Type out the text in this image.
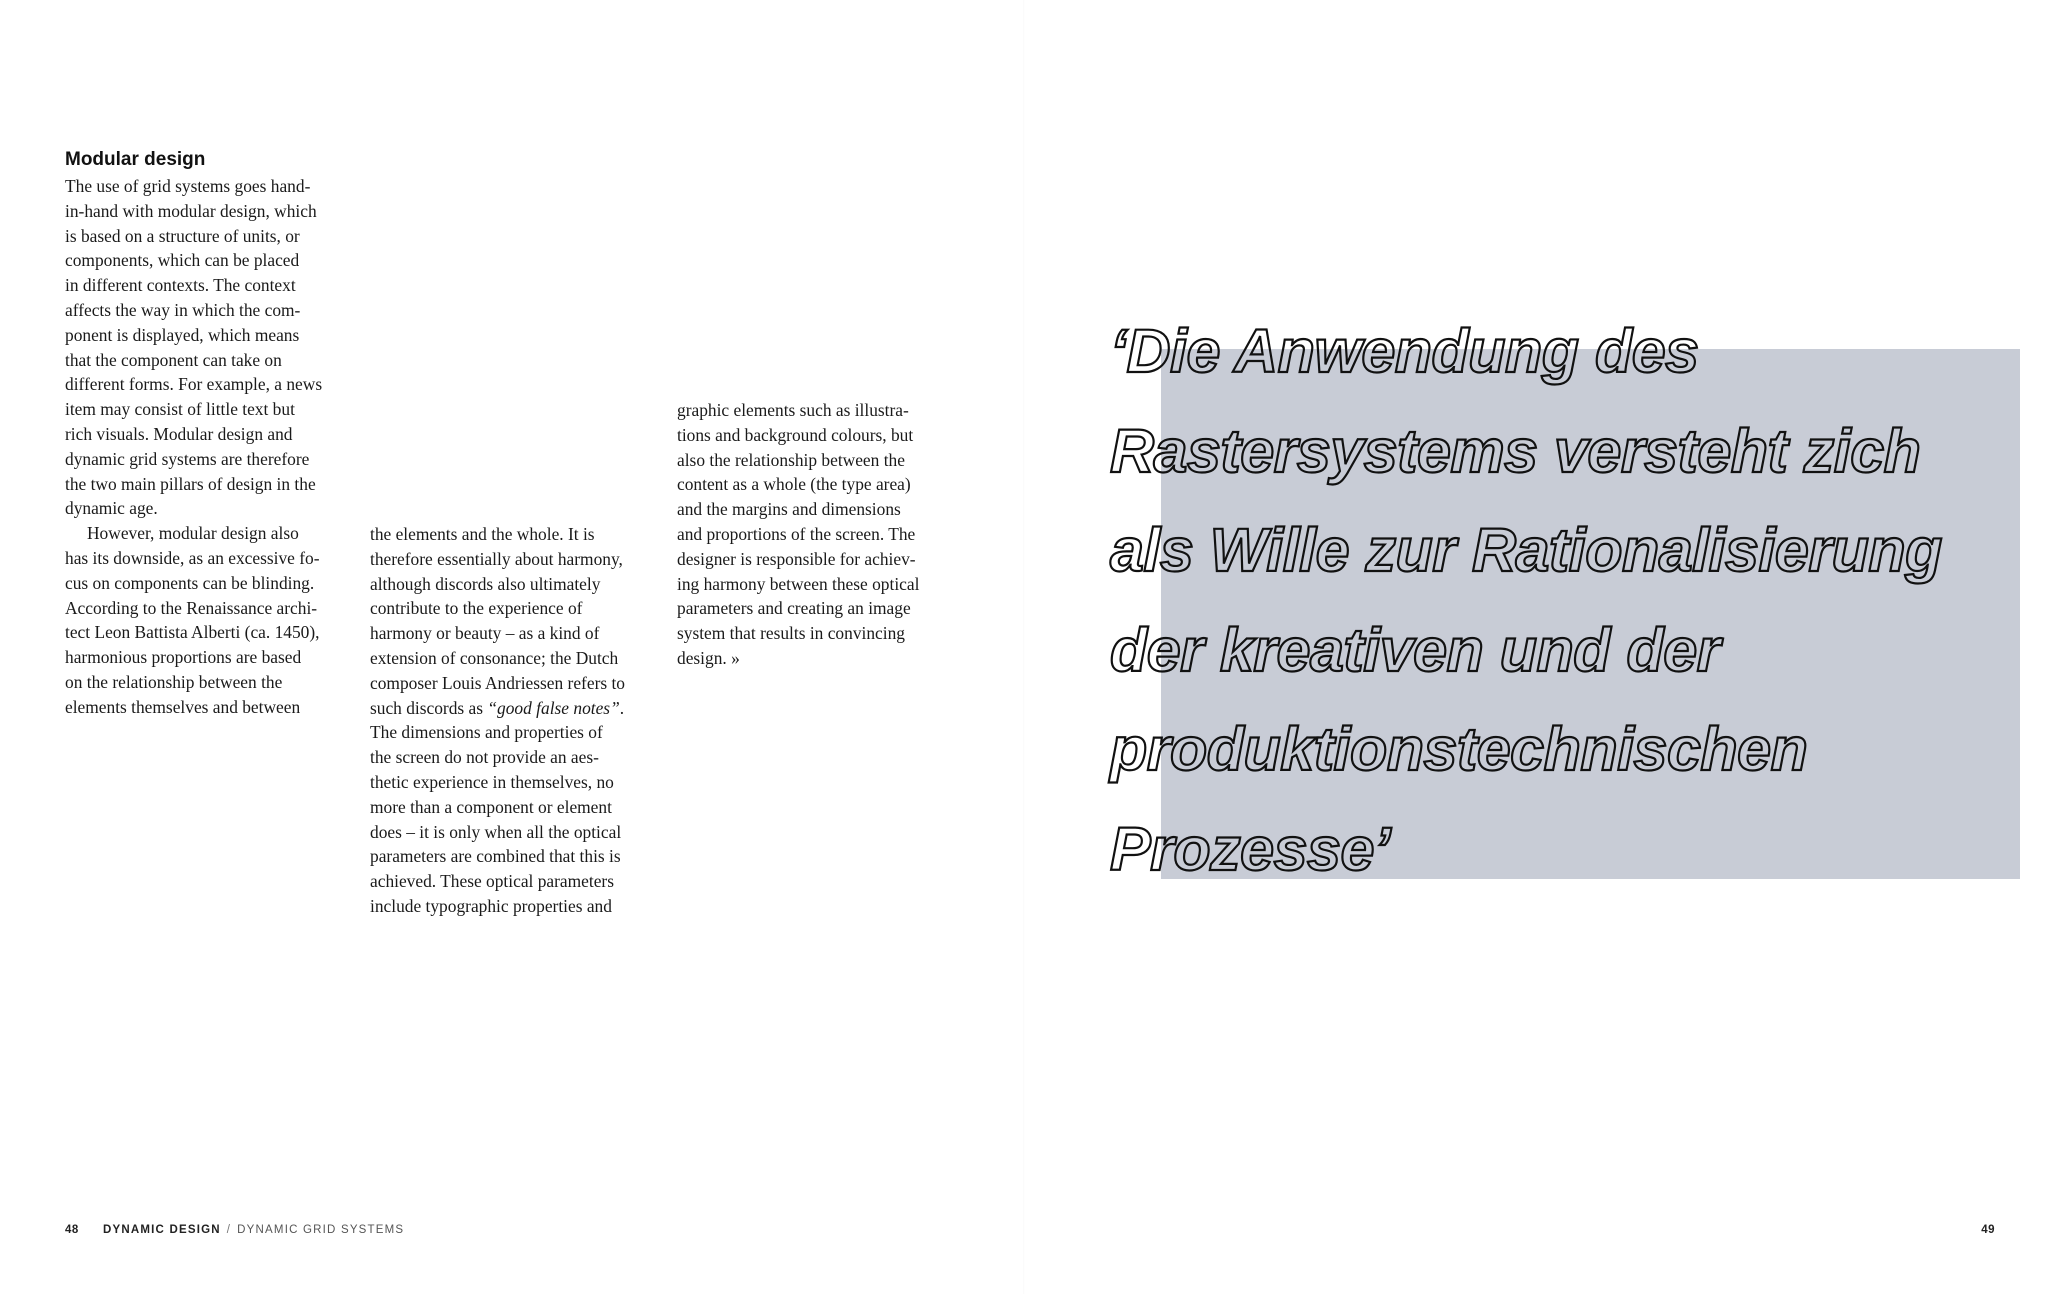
Modular design
The use of grid systems goes hand-
in-hand with modular design, which
is based on a structure of units, or
components, which can be placed
in different contexts. The context
affects the way in which the com-
ponent is displayed, which means
that the component can take on
different forms. For example, a news
item may consist of little text but
rich visuals. Modular design and
dynamic grid systems are therefore
the two main pillars of design in the
dynamic age.
However, modular design also
has its downside, as an excessive fo-
cus on components can be blinding.
According to the Renaissance archi-
tect Leon Battista Alberti (ca. 1450),
harmonious proportions are based
on the relationship between the
elements themselves and between
the elements and the whole. It is
therefore essentially about harmony,
although discords also ultimately
contribute to the experience of
harmony or beauty – as a kind of
extension of consonance; the Dutch
composer Louis Andriessen refers to
such discords as “good false notes”.
The dimensions and properties of
the screen do not provide an aes-
thetic experience in themselves, no
more than a component or element
does – it is only when all the optical
parameters are combined that this is
achieved. These optical parameters
include typographic properties and
graphic elements such as illustra-
tions and background colours, but
also the relationship between the
content as a whole (the type area)
and the margins and dimensions
and proportions of the screen. The
designer is responsible for achiev-
ing harmony between these optical
parameters and creating an image
system that results in convincing
design. »
‘Die Anwendung des
Rastersystems versteht zich
als Wille zur Rationalisierung
der kreativen und der
produktionstechnischen
Prozesse’
48 DYNAMIC DESIGN / DYNAMIC GRID SYSTEMS	49
